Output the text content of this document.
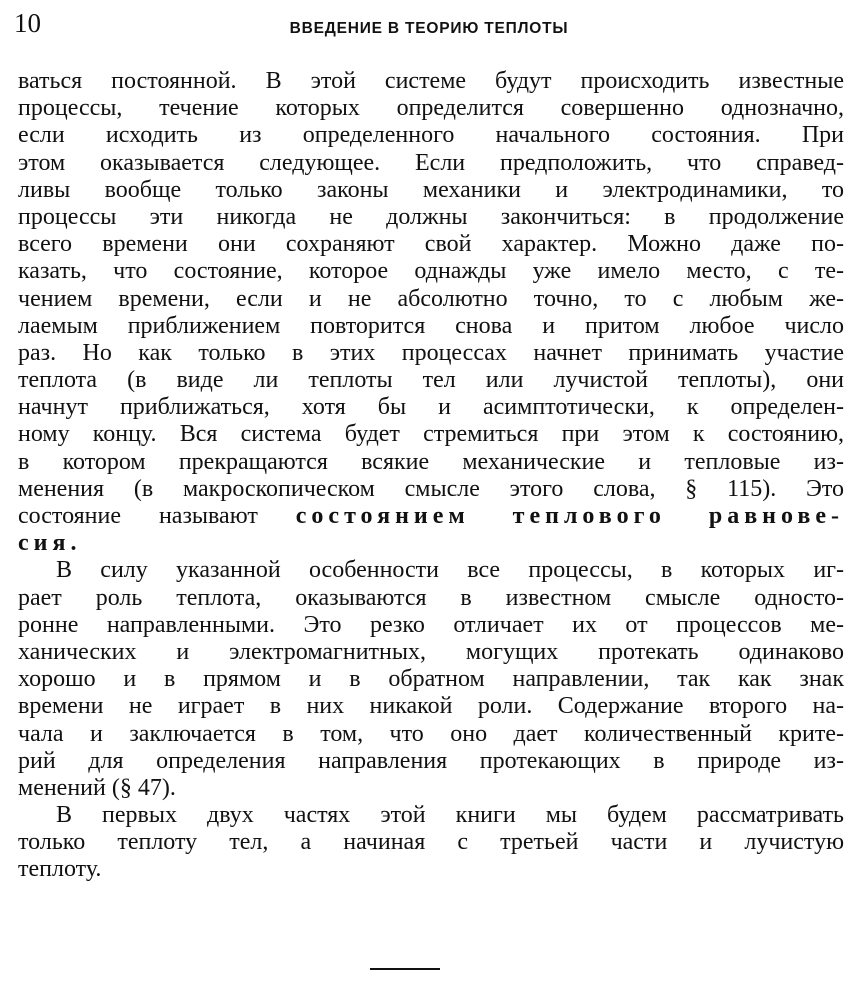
10	ВВЕДЕНИЕ В ТЕОРИЮ ТЕПЛОТЫ
ваться постоянной. В этой системе будут происходить известные
процессы, течение которых определится совершенно однозначно,
если исходить из определенного начального состояния. При
этом оказывается следующее. Если предположить, что справед-
ливы вообще только законы механики и электродинамики, то
процессы эти никогда не должны закончиться: в продолжение
всего времени они сохраняют свой характер. Можно даже по-
казать, что состояние, которое однажды уже имело место, с те-
чением времени, если и не абсолютно точно, то с любым же-
лаемым приближением повторится снова и притом любое число
раз. Но как только в этих процессах начнет принимать участие
теплота (в виде ли теплоты тел или лучистой теплоты), они
начнут приближаться, хотя бы и асимптотически, к определен-
ному концу. Вся система будет стремиться при этом к состоянию,
в котором прекращаются всякие механические и тепловые из-
менения (в макроскопическом смысле этого слова, § 115). Это
состояние называют состоянием теплового равнове-
сия.
В силу указанной особенности все процессы, в которых иг-
рает роль теплота, оказываются в известном смысле односто-
ронне направленными. Это резко отличает их от процессов ме-
ханических и электромагнитных, могущих протекать одинаково
хорошо и в прямом и в обратном направлении, так как знак
времени не играет в них никакой роли. Содержание второго на-
чала и заключается в том, что оно дает количественный крите-
рий для определения направления протекающих в природе из-
менений (§ 47).
В первых двух частях этой книги мы будем рассматривать
только теплоту тел, а начиная с третьей части и лучистую
теплоту.
